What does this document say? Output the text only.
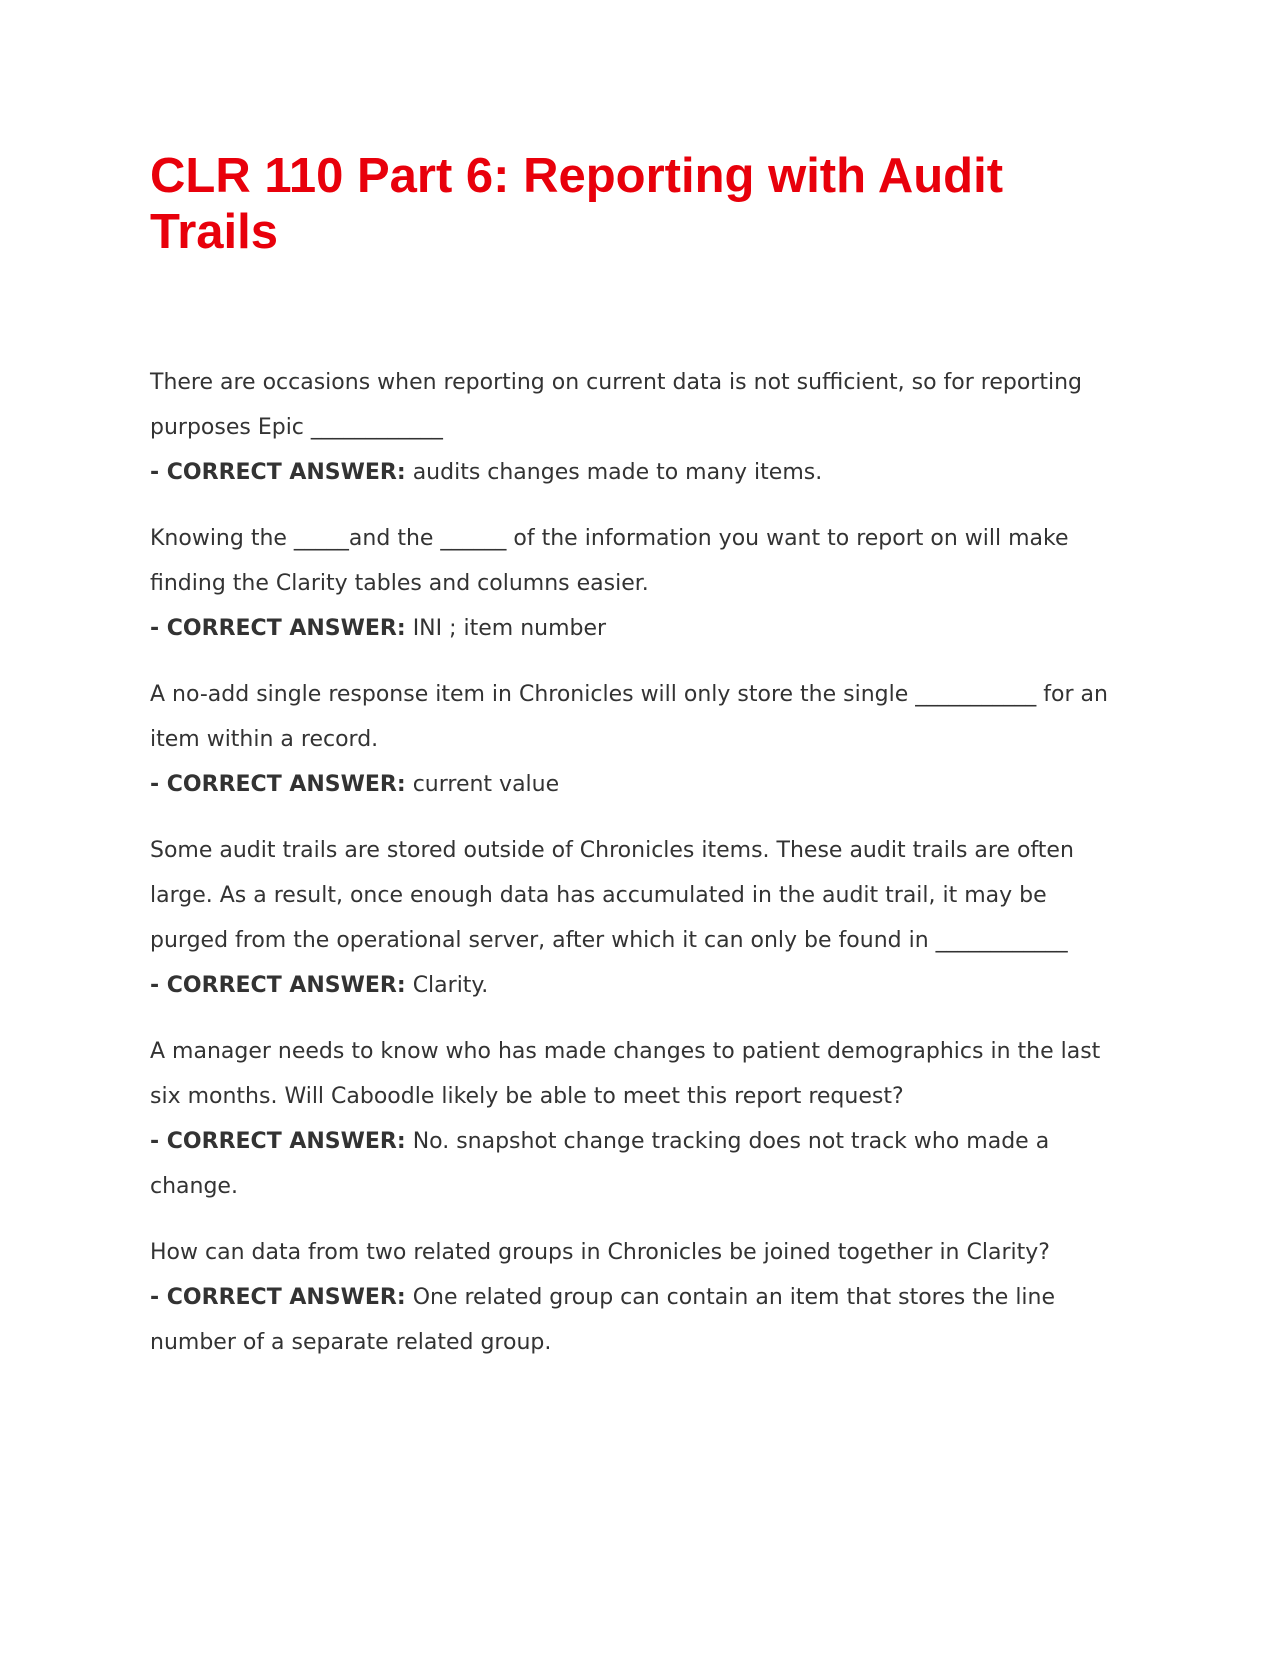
CLR 110 Part 6: Reporting with Audit Trails

There are occasions when reporting on current data is not sufficient, so for reporting purposes Epic ____________

- CORRECT ANSWER: audits changes made to many items.

Knowing the _____and the ______ of the information you want to report on will make finding the Clarity tables and columns easier.

- CORRECT ANSWER: INI ; item number

A no-add single response item in Chronicles will only store the single ___________ for an item within a record.

- CORRECT ANSWER: current value

Some audit trails are stored outside of Chronicles items. These audit trails are often large. As a result, once enough data has accumulated in the audit trail, it may be purged from the operational server, after which it can only be found in ____________

- CORRECT ANSWER: Clarity.

A manager needs to know who has made changes to patient demographics in the last six months. Will Caboodle likely be able to meet this report request?

- CORRECT ANSWER: No. snapshot change tracking does not track who made a change.

How can data from two related groups in Chronicles be joined together in Clarity?

- CORRECT ANSWER: One related group can contain an item that stores the line number of a separate related group.
